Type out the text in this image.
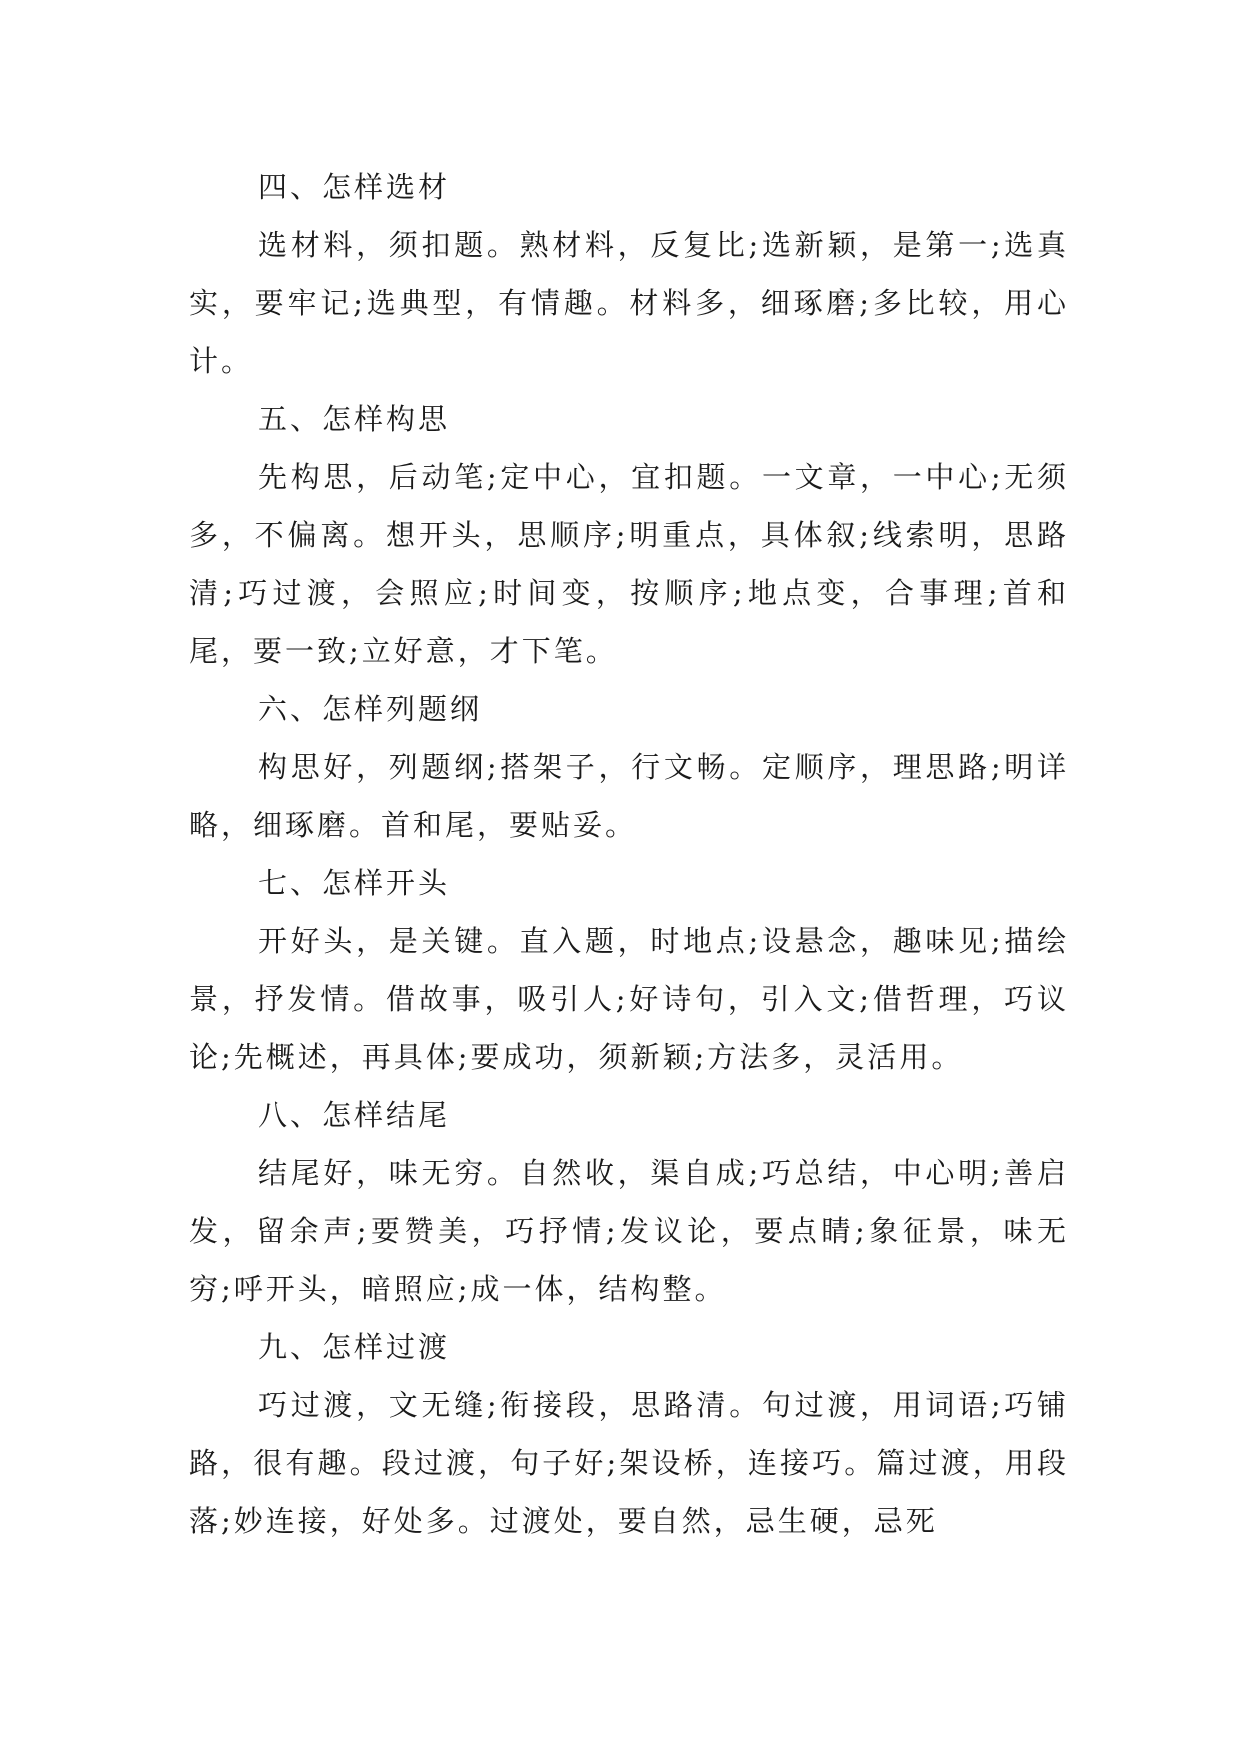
四、怎样选材

选材料，须扣题。熟材料，反复比;选新颖，是第一;选真实，要牢记;选典型，有情趣。材料多，细琢磨;多比较，用心计。

五、怎样构思

先构思，后动笔;定中心，宜扣题。一文章，一中心;无须多，不偏离。想开头，思顺序;明重点，具体叙;线索明，思路清;巧过渡，会照应;时间变，按顺序;地点变，合事理;首和尾，要一致;立好意，才下笔。

六、怎样列题纲

构思好，列题纲;搭架子，行文畅。定顺序，理思路;明详略，细琢磨。首和尾，要贴妥。

七、怎样开头

开好头，是关键。直入题，时地点;设悬念，趣味见;描绘景，抒发情。借故事，吸引人;好诗句，引入文;借哲理，巧议论;先概述，再具体;要成功，须新颖;方法多，灵活用。

八、怎样结尾

结尾好，味无穷。自然收，渠自成;巧总结，中心明;善启发，留余声;要赞美，巧抒情;发议论，要点睛;象征景，味无穷;呼开头，暗照应;成一体，结构整。

九、怎样过渡

巧过渡，文无缝;衔接段，思路清。句过渡，用词语;巧铺路，很有趣。段过渡，句子好;架设桥，连接巧。篇过渡，用段落;妙连接，好处多。过渡处，要自然，忌生硬，忌死
